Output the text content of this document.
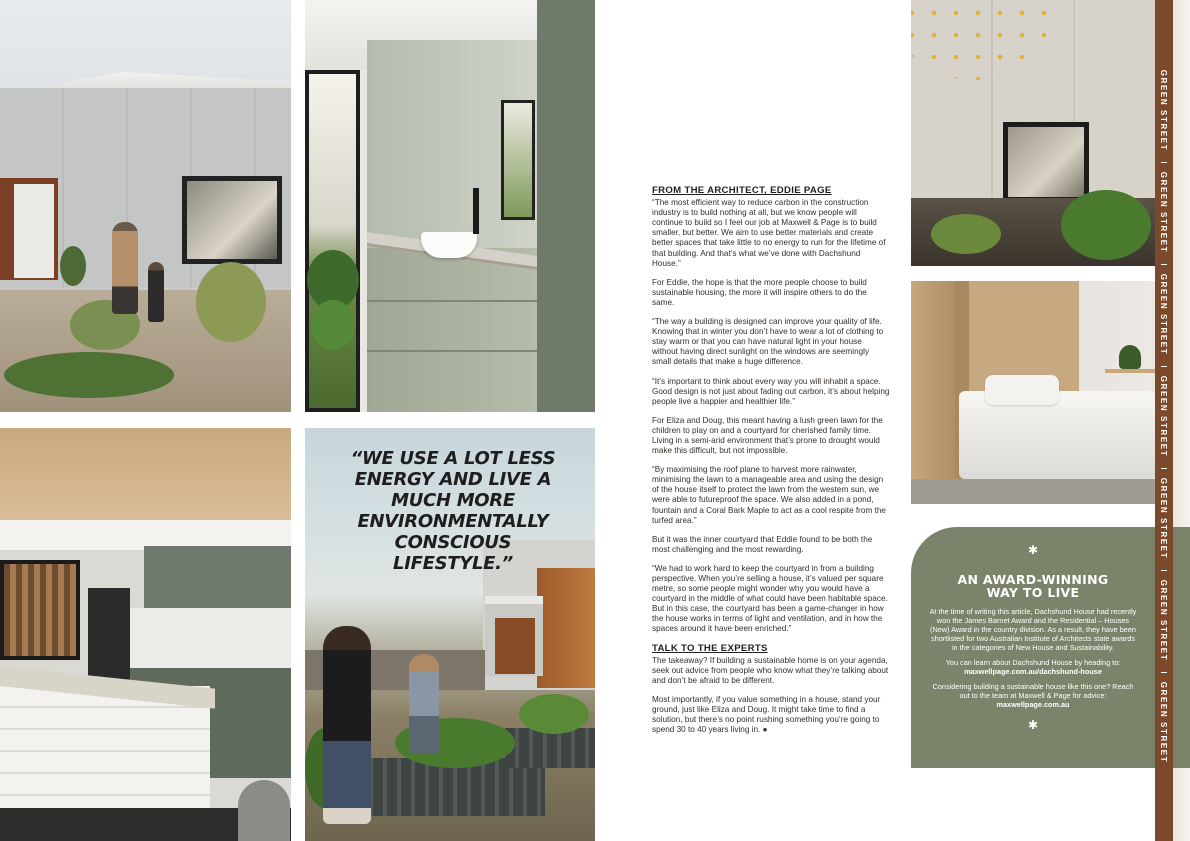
“WE USE A LOT LESS ENERGY AND LIVE A MUCH MORE ENVIRONMENTALLY CONSCIOUS LIFESTYLE.”
FROM THE ARCHITECT, EDDIE PAGE

“The most efficient way to reduce carbon in the construction industry is to build nothing at all, but we know people will continue to build so I feel our job at Maxwell & Page is to build smaller, but better. We aim to use better materials and create better spaces that take little to no energy to run for the lifetime of that building. And that’s what we’ve done with Dachshund House.”

For Eddie, the hope is that the more people choose to build sustainable housing, the more it will inspire others to do the same.

“The way a building is designed can improve your quality of life. Knowing that in winter you don’t have to wear a lot of clothing to stay warm or that you can have natural light in your house without having direct sunlight on the windows are seemingly small details that make a huge difference.

“It’s important to think about every way you will inhabit a space. Good design is not just about fading out carbon, it’s about helping people live a happier and healthier life.”

For Eliza and Doug, this meant having a lush green lawn for the children to play on and a courtyard for cherished family time. Living in a semi-arid environment that’s prone to drought would make this difficult, but not impossible.

“By maximising the roof plane to harvest more rainwater, minimising the lawn to a manageable area and using the design of the house itself to protect the lawn from the western sun, we were able to futureproof the space. We also added in a pond, fountain and a Coral Bark Maple to act as a cool respite from the turfed area.”

But it was the inner courtyard that Eddie found to be both the most challenging and the most rewarding.

“We had to work hard to keep the courtyard in from a building perspective. When you’re selling a house, it’s valued per square metre, so some people might wonder why you would have a courtyard in the middle of what could have been habitable space. But in this case, the courtyard has been a game-changer in how the house works in terms of light and ventilation, and in how the spaces around it have been enriched.”

TALK TO THE EXPERTS

The takeaway? If building a sustainable home is on your agenda, seek out advice from people who know what they’re talking about and don’t be afraid to be different.

Most importantly, if you value something in a house, stand your ground, just like Eliza and Doug. It might take time to find a solution, but there’s no point rushing something you’re going to spend 30 to 40 years living in. ●

✱
AN AWARD-WINNING
WAY TO LIVE

At the time of writing this article, Dachshund House had recently won the James Barnet Award and the Residential – Houses (New) Award in the country division. As a result, they have been shortlisted for two Australian Institute of Architects state awards in the categories of New House and Sustainability.

You can learn about Dachshund House by heading to:
maxwellpage.com.au/dachshund-house

Considering building a sustainable house like this one? Reach out to the team at Maxwell & Page for advice:
maxwellpage.com.au

✱
GREEN STREET
GREEN STREET
GREEN STREET
GREEN STREET
GREEN STREET
GREEN STREET
GREEN STREET
